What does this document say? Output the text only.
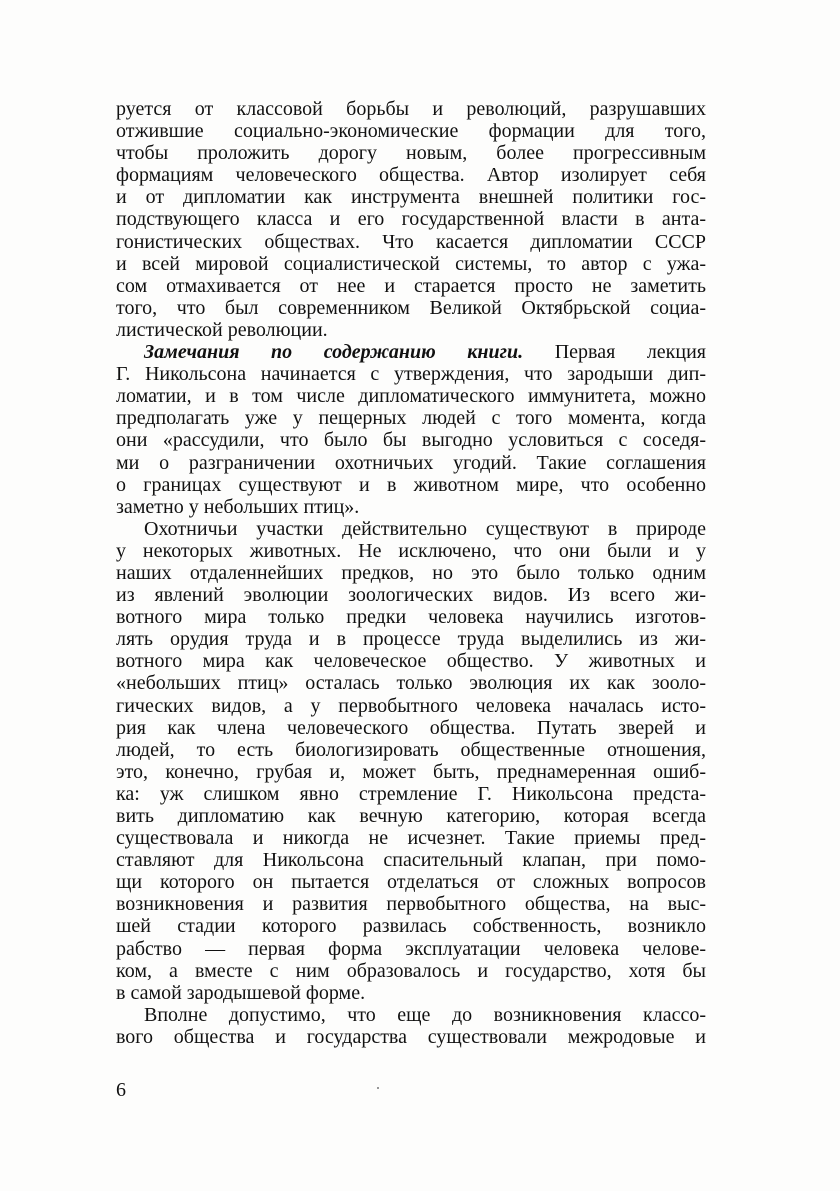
руется от классовой борьбы и революций, разрушавших
отжившие социально-экономические формации для того,
чтобы проложить дорогу новым, более прогрессивным
формациям человеческого общества. Автор изолирует себя
и от дипломатии как инструмента внешней политики гос-
подствующего класса и его государственной власти в анта-
гонистических обществах. Что касается дипломатии СССР
и всей мировой социалистической системы, то автор с ужа-
сом отмахивается от нее и старается просто не заметить
того, что был современником Великой Октябрьской социа-
листической революции.
Замечания по содержанию книги. Первая лекция
Г. Никольсона начинается с утверждения, что зародыши дип-
ломатии, и в том числе дипломатического иммунитета, можно
предполагать уже у пещерных людей с того момента, когда
они «рассудили, что было бы выгодно условиться с соседя-
ми о разграничении охотничьих угодий. Такие соглашения
о границах существуют и в животном мире, что особенно
заметно у небольших птиц».
Охотничьи участки действительно существуют в природе
у некоторых животных. Не исключено, что они были и у
наших отдаленнейших предков, но это было только одним
из явлений эволюции зоологических видов. Из всего жи-
вотного мира только предки человека научились изготов-
лять орудия труда и в процессе труда выделились из жи-
вотного мира как человеческое общество. У животных и
«небольших птиц» осталась только эволюция их как зооло-
гических видов, а у первобытного человека началась исто-
рия как члена человеческого общества. Путать зверей и
людей, то есть биологизировать общественные отношения,
это, конечно, грубая и, может быть, преднамеренная ошиб-
ка: уж слишком явно стремление Г. Никольсона предста-
вить дипломатию как вечную категорию, которая всегда
существовала и никогда не исчезнет. Такие приемы пред-
ставляют для Никольсона спасительный клапан, при помо-
щи которого он пытается отделаться от сложных вопросов
возникновения и развития первобытного общества, на выс-
шей стадии которого развилась собственность, возникло
рабство — первая форма эксплуатации человека челове-
ком, а вместе с ним образовалось и государство, хотя бы
в самой зародышевой форме.
Вполне допустимо, что еще до возникновения классо-
вого общества и государства существовали межродовые и
6
